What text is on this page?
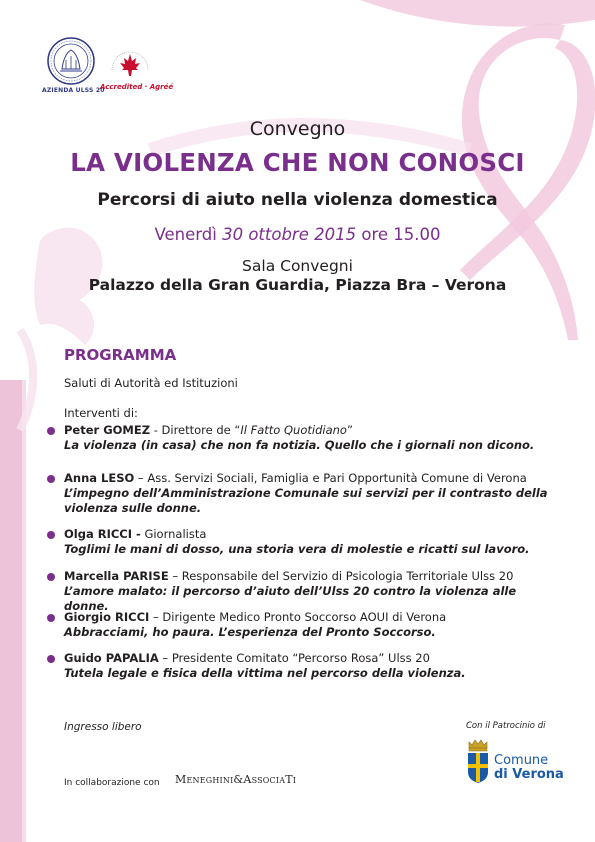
AZIENDA ULSS 20
Accredited · Agréé
Convegno
LA VIOLENZA CHE NON CONOSCI
Percorsi di aiuto nella violenza domestica
Venerdì 30 ottobre 2015 ore 15.00
Sala Convegni
Palazzo della Gran Guardia, Piazza Bra – Verona
PROGRAMMA
Saluti di Autorità ed Istituzioni
Interventi di:
Peter GOMEZ - Direttore de “Il Fatto Quotidiano”
La violenza (in casa) che non fa notizia. Quello che i giornali non dicono.
Anna LESO – Ass. Servizi Sociali, Famiglia e Pari Opportunità Comune di Verona
L’impegno dell’Amministrazione Comunale sui servizi per il contrasto della violenza sulle donne.
Olga RICCI - Giornalista
Toglimi le mani di dosso, una storia vera di molestie e ricatti sul lavoro.
Marcella PARISE – Responsabile del Servizio di Psicologia Territoriale Ulss 20
L’amore malato: il percorso d’aiuto dell’Ulss 20 contro la violenza alle donne.
Giorgio RICCI – Dirigente Medico Pronto Soccorso AOUI di Verona
Abbracciami, ho paura. L’esperienza del Pronto Soccorso.
Guido PAPALIA – Presidente Comitato “Percorso Rosa” Ulss 20
Tutela legale e fisica della vittima nel percorso della violenza.
Ingresso libero	Con il Patrocinio di
Comune
di Verona
In collaborazione con Meneghini&AssociaTi
